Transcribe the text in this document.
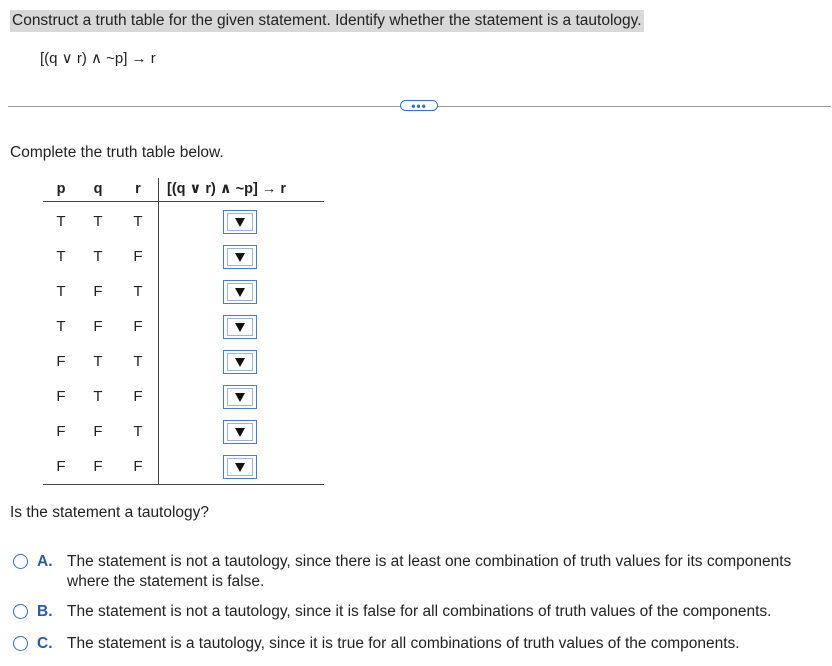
Construct a truth table for the given statement. Identify whether the statement is a tautology.
[(q ∨ r) ∧ ~p] → r
•••
Complete the truth table below.
p	q	r	[(q ∨ r) ∧ ~p] → r
T	T	T
T	T	F
T	F	T
T	F	F
F	T	T
F	T	F
F	F	T
F	F	F
Is the statement a tautology?
A. The statement is not a tautology, since there is at least one combination of truth values for its components where the statement is false.
B. The statement is not a tautology, since it is false for all combinations of truth values of the components.
C. The statement is a tautology, since it is true for all combinations of truth values of the components.
